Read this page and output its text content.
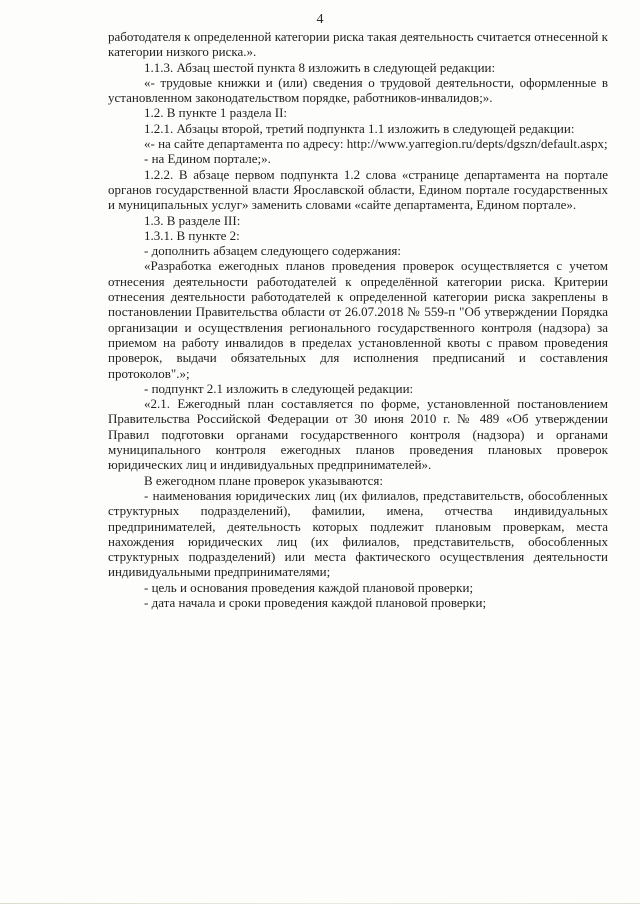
4

работодателя к определенной категории риска такая деятельность считается отнесенной к категории низкого риска.».

1.1.3. Абзац шестой пункта 8 изложить в следующей редакции:

«- трудовые книжки и (или) сведения о трудовой деятельности, оформленные в установленном законодательством порядке, работников-инвалидов;».

1.2. В пункте 1 раздела II:

1.2.1. Абзацы второй, третий подпункта 1.1 изложить в следующей редакции:

«- на сайте департамента по адресу: http://www.yarregion.ru/depts/dgszn/default.aspx;

- на Едином портале;».

1.2.2. В абзаце первом подпункта 1.2 слова «странице департамента на портале органов государственной власти Ярославской области, Едином портале государственных и муниципальных услуг» заменить словами «сайте департамента, Едином портале».

1.3. В разделе III:

1.3.1. В пункте 2:

- дополнить абзацем следующего содержания:

«Разработка ежегодных планов проведения проверок осуществляется с учетом отнесения деятельности работодателей к определённой категории риска. Критерии отнесения деятельности работодателей к определенной категории риска закреплены в постановлении Правительства области от 26.07.2018 № 559-п "Об утверждении Порядка организации и осуществления регионального государственного контроля (надзора) за приемом на работу инвалидов в пределах установленной квоты с правом проведения проверок, выдачи обязательных для исполнения предписаний и составления протоколов".»;

- подпункт 2.1 изложить в следующей редакции:

«2.1. Ежегодный план составляется по форме, установленной постановлением Правительства Российской Федерации от 30 июня 2010 г. № 489 «Об утверждении Правил подготовки органами государственного контроля (надзора) и органами муниципального контроля ежегодных планов проведения плановых проверок юридических лиц и индивидуальных предпринимателей».

В ежегодном плане проверок указываются:

- наименования юридических лиц (их филиалов, представительств, обособленных структурных подразделений), фамилии, имена, отчества индивидуальных предпринимателей, деятельность которых подлежит плановым проверкам, места нахождения юридических лиц (их филиалов, представительств, обособленных структурных подразделений) или места фактического осуществления деятельности индивидуальными предпринимателями;

- цель и основания проведения каждой плановой проверки;

- дата начала и сроки проведения каждой плановой проверки;
